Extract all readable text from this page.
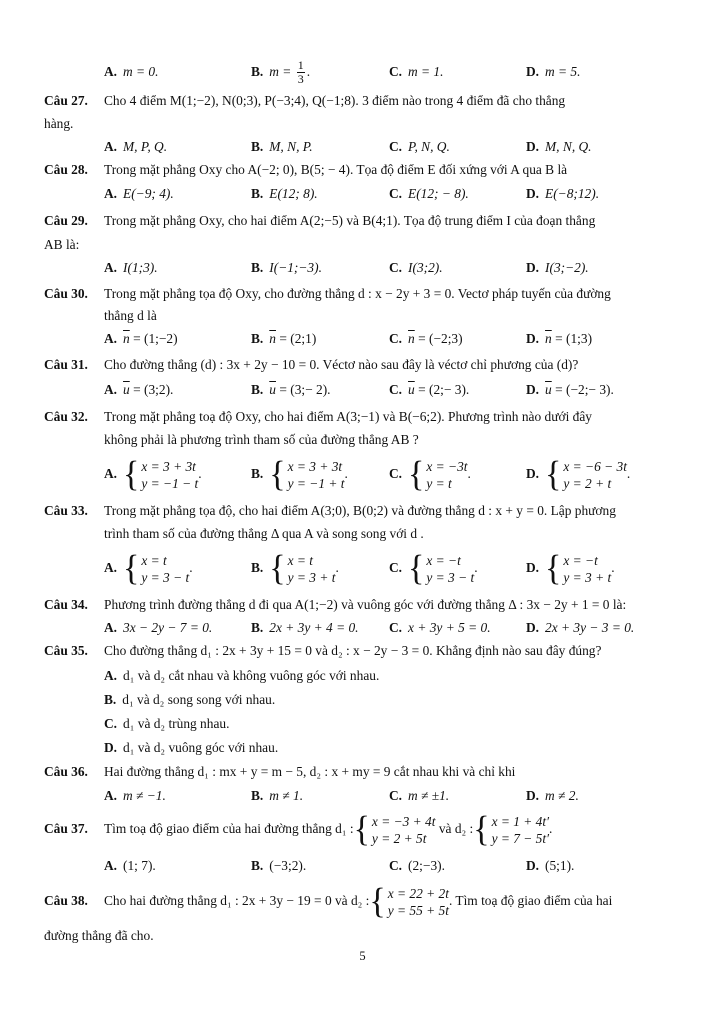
A. m = 0.	B. $m = \frac{1}{3}$ .	C. m = 1.	D. m = 5.
Câu 27. Cho 4 điểm M(1;−2), N(0;3), P(−3;4), Q(−1;8). 3 điểm nào trong 4 điểm đã cho thẳng
hàng.
A. M, P, Q.	B. M, N, P.	C. P, N, Q.	D. M, N, Q.
Câu 28. Trong mặt phẳng Oxy cho A(−2; 0), B(5; − 4). Tọa độ điểm E đối xứng với A qua B là
A. E(−9; 4).	B. E(12; 8).	C. E(12; − 8).	D. E(−8;12).
Câu 29. Trong mặt phẳng Oxy, cho hai điểm A(2;−5) và B(4;1). Tọa độ trung điểm I của đoạn thẳng
AB là:
A. I(1;3).	B. I(−1;−3).	C. I(3;2).	D. I(3;−2).
Câu 30. Trong mặt phẳng tọa độ Oxy, cho đường thẳng d : x − 2y + 3 = 0. Vectơ pháp tuyến của đường
thẳng d là
A. $\overline{n}$ = (1;−2)	B. $\overline{n}$ = (2;1)	C. $\overline{n}$ = (−2;3)	D. $\overline{n}$ = (1;3)
Câu 31. Cho đường thẳng (d) : 3x + 2y − 10 = 0. Véctơ nào sau đây là véctơ chỉ phương của (d)?
A. $\overline{u}$ = (3;2).	B. $\overline{u}$ = (3;− 2).	C. $\overline{u}$ = (2;− 3).	D. $\overline{u}$ = (−2;− 3).
Câu 32. Trong mặt phẳng toạ độ Oxy, cho hai điểm A(3;−1) và B(−6;2). Phương trình nào dưới đây
không phải là phương trình tham số của đường thẳng AB ?
A. { x = 3 + 3t
y = −1 − t
.	B. { x = 3 + 3t
y = −1 + t
.	C. { x = −3t
y = t
.	D. { x = −6 − 3t
y = 2 + t
.
Câu 33. Trong mặt phẳng tọa độ, cho hai điểm A(3;0), B(0;2) và đường thẳng d : x + y = 0. Lập phương
trình tham số của đường thẳng Δ qua A và song song với d .
A. { x = t
y = 3 − t
.	B. { x = t
y = 3 + t
.	C. { x = −t
y = 3 − t
.	D. { x = −t
y = 3 + t
.
Câu 34. Phương trình đường thẳng d đi qua A(1;−2) và vuông góc với đường thẳng Δ : 3x − 2y + 1 = 0 là:
A. 3x − 2y − 7 = 0.	B. 2x + 3y + 4 = 0. C. x + 3y + 5 = 0.	D. 2x + 3y − 3 = 0.
Câu 35. Cho đường thẳng d₁ : 2x + 3y + 15 = 0 và d₂ : x − 2y − 3 = 0. Khẳng định nào sau đây đúng?
A. d₁ và d₂ cắt nhau và không vuông góc với nhau.
B. d₁ và d₂ song song với nhau.
C. d₁ và d₂ trùng nhau.
D. d₁ và d₂ vuông góc với nhau.
Câu 36. Hai đường thẳng d₁ : mx + y = m − 5, d₂ : x + my = 9 cắt nhau khi và chỉ khi
A. m ≠ −1.	B. m ≠ 1.	C. m ≠ ±1.	D. m ≠ 2.
Câu 37. Tìm toạ độ giao điểm của hai đường thẳng d₁ : { x = −3 + 4t
y = 2 + 5t
và d₂ : { x = 1 + 4t′
y = 7 − 5t′
.
A. (1; 7).	B. (−3;2).	C. (2;−3).	D. (5;1).
Câu 38. Cho hai đường thẳng d₁ : 2x + 3y − 19 = 0 và d₂ : { x = 22 + 2t
y = 55 + 5t
. Tìm toạ độ giao điểm của hai
đường thẳng đã cho.
5
